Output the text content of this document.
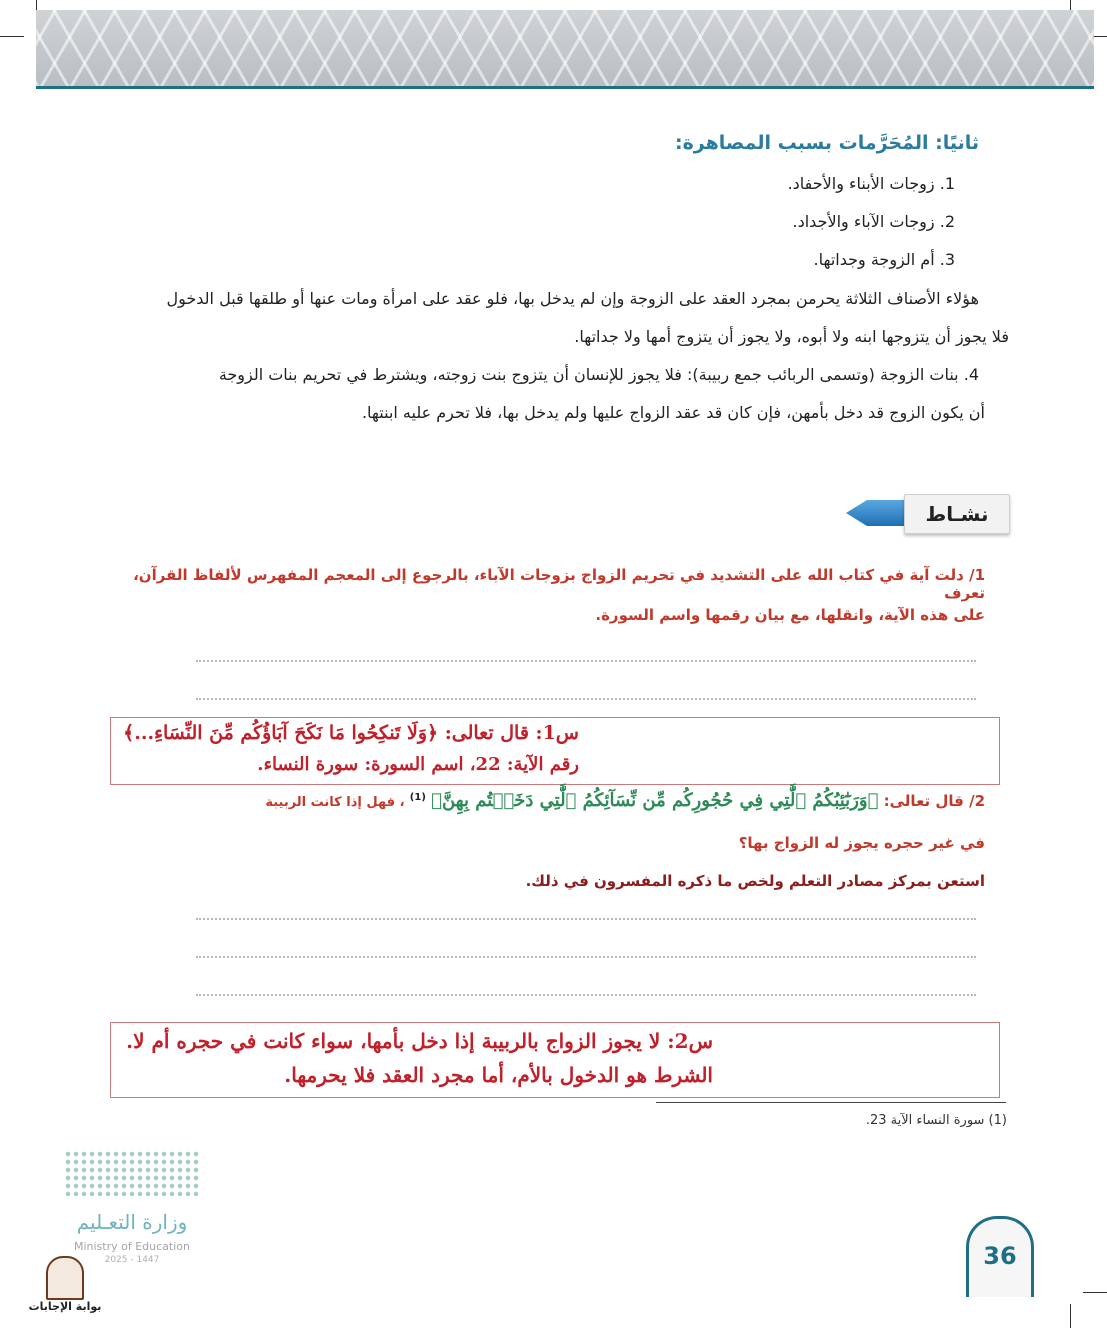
ثانيًا: المُحَرَّمات بسبب المصاهرة:
1. زوجات الأبناء والأحفاد.
2. زوجات الآباء والأجداد.
3. أم الزوجة وجداتها.
هؤلاء الأصناف الثلاثة يحرمن بمجرد العقد على الزوجة وإن لم يدخل بها، فلو عقد على امرأة ومات عنها أو طلقها قبل الدخول
فلا يجوز أن يتزوجها ابنه ولا أبوه، ولا يجوز أن يتزوج أمها ولا جداتها.
4. بنات الزوجة (وتسمى الربائب جمع ربيبة): فلا يجوز للإنسان أن يتزوج بنت زوجته، ويشترط في تحريم بنات الزوجة
أن يكون الزوج قد دخل بأمهن، فإن كان قد عقد الزواج عليها ولم يدخل بها، فلا تحرم عليه ابنتها.
نشـاط
1/ دلت آية في كتاب الله على التشديد في تحريم الزواج بزوجات الآباء، بالرجوع إلى المعجم المفهرس لألفاظ القرآن، تعرف
على هذه الآية، وانقلها، مع بيان رقمها واسم السورة.
س1: قال تعالى: ﴿وَلَا تَنكِحُوا مَا نَكَحَ آبَاؤُكُم مِّنَ النِّسَاءِ...﴾
رقم الآية: 22، اسم السورة: سورة النساء.
2/ قال تعالى: ﴿وَرَبَٰٓئِبُكُمُ ٱلَّٰتِي فِي حُجُورِكُم مِّن نِّسَآئِكُمُ ٱلَّٰتِي دَخَلۡتُم بِهِنَّ﴾ $^{(1)}$ ، فهل إذا كانت الربيبة
في غير حجره يجوز له الزواج بها؟
استعن بمركز مصادر التعلم ولخص ما ذكره المفسرون في ذلك.
س2: لا يجوز الزواج بالربيبة إذا دخل بأمها، سواء كانت في حجره أم لا.
الشرط هو الدخول بالأم، أما مجرد العقد فلا يحرمها.
(1) سورة النساء الآية 23.
وزارة التعـليم
Ministry of Education
2025 - 1447	36
بوابة الإجابات
